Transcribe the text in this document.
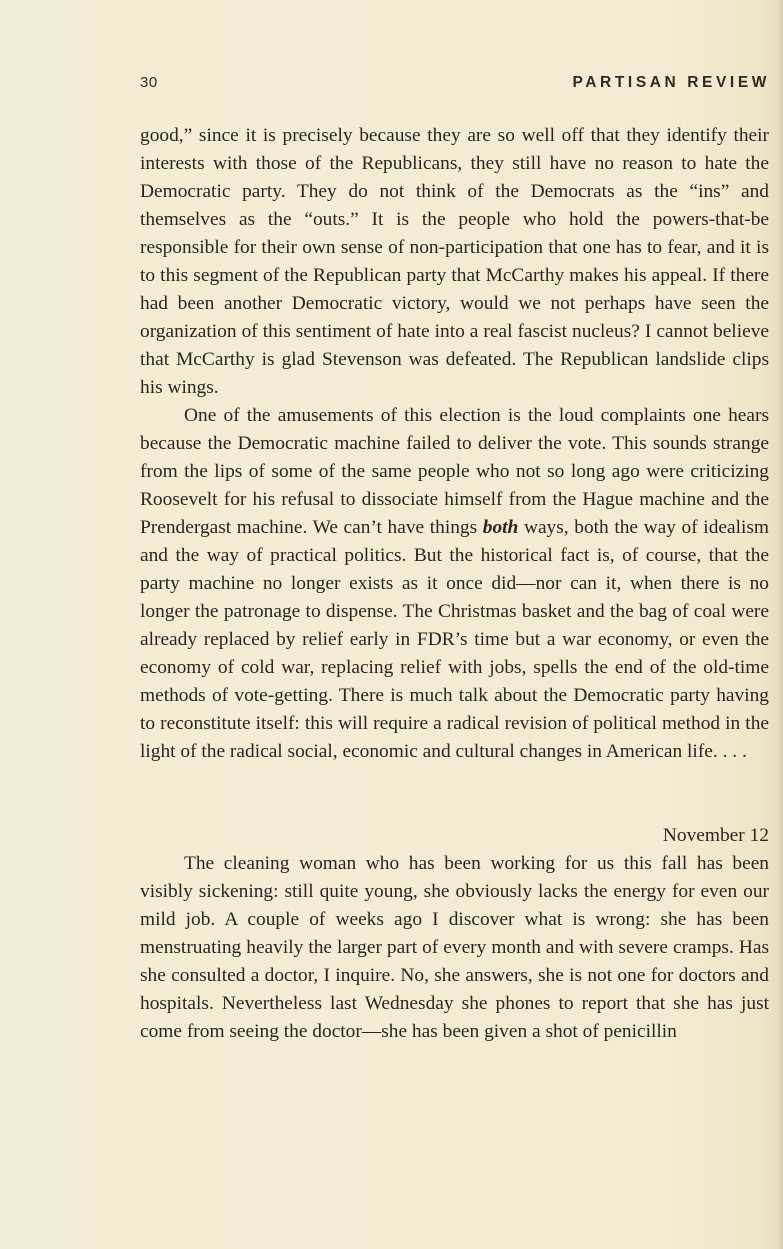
30	PARTISAN REVIEW

good,” since it is precisely because they are so well off that they identify their interests with those of the Republicans, they still have no reason to hate the Democratic party. They do not think of the Democrats as the “ins” and themselves as the “outs.” It is the people who hold the powers-that-be responsible for their own sense of non-participation that one has to fear, and it is to this segment of the Republican party that McCarthy makes his appeal. If there had been another Democratic victory, would we not perhaps have seen the organization of this sentiment of hate into a real fascist nucleus? I cannot believe that McCarthy is glad Stevenson was defeated. The Republican landslide clips his wings.

One of the amusements of this election is the loud complaints one hears because the Democratic machine failed to deliver the vote. This sounds strange from the lips of some of the same people who not so long ago were criticizing Roosevelt for his refusal to dissociate himself from the Hague machine and the Prendergast machine. We can’t have things both ways, both the way of idealism and the way of practical politics. But the historical fact is, of course, that the party machine no longer exists as it once did—nor can it, when there is no longer the patronage to dispense. The Christmas basket and the bag of coal were already replaced by relief early in FDR’s time but a war economy, or even the economy of cold war, replacing relief with jobs, spells the end of the old-time methods of vote-getting. There is much talk about the Democratic party having to reconstitute itself: this will require a radical revision of political method in the light of the radical social, economic and cultural changes in American life. . . .

November 12

The cleaning woman who has been working for us this fall has been visibly sickening: still quite young, she obviously lacks the energy for even our mild job. A couple of weeks ago I discover what is wrong: she has been menstruating heavily the larger part of every month and with severe cramps. Has she consulted a doctor, I inquire. No, she answers, she is not one for doctors and hospitals. Nevertheless last Wednesday she phones to report that she has just come from seeing the doctor—she has been given a shot of penicillin
